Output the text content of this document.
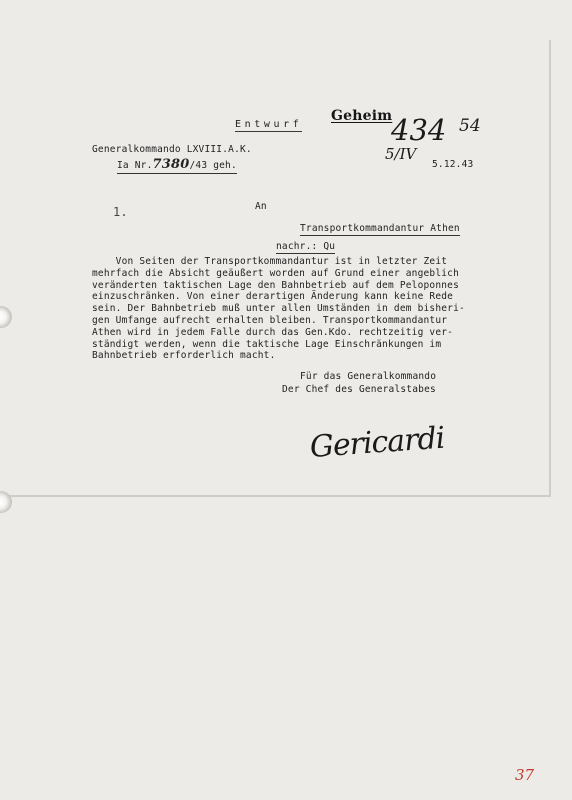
Entwurf
Geheim
434 54
5/IV
Generalkommando LXVIII.A.K.
Ia Nr.7380/43 geh.	5.12.43
1.	An
Transportkommandantur Athen
nachr.: Qu
Von Seiten der Transportkommandantur ist in letzter Zeit
mehrfach die Absicht geäußert worden auf Grund einer angeblich
veränderten taktischen Lage den Bahnbetrieb auf dem Peloponnes
einzuschränken. Von einer derartigen Änderung kann keine Rede
sein. Der Bahnbetrieb muß unter allen Umständen in dem bisheri-
gen Umfange aufrecht erhalten bleiben. Transportkommandantur
Athen wird in jedem Falle durch das Gen.Kdo. rechtzeitig ver-
ständigt werden, wenn die taktische Lage Einschränkungen im
Bahnbetrieb erforderlich macht.
Für das Generalkommando
Der Chef des Generalstabes
Gericardi
37
